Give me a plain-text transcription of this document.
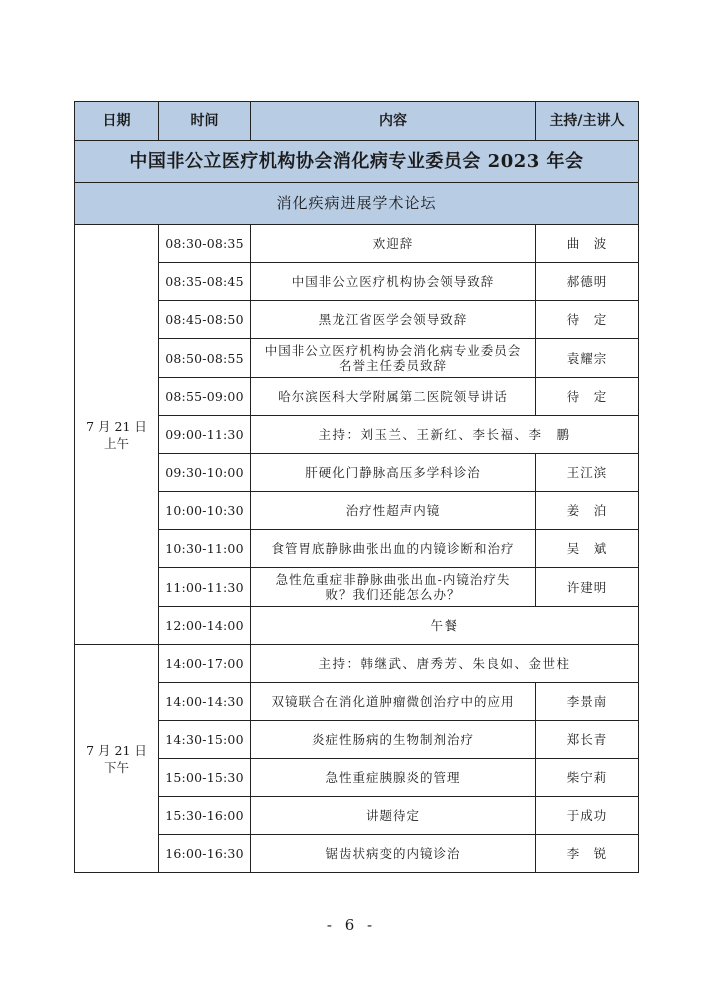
日期	时间	内容	主持/主讲人
中国非公立医疗机构协会消化病专业委员会 2023 年会			
消化疾病进展学术论坛			

7 月 21 日
上午	08:30-08:35	欢迎辞	曲　波
	08:35-08:45	中国非公立医疗机构协会领导致辞	郝德明
	08:45-08:50	黑龙江省医学会领导致辞	待　定
	08:50-08:55	中国非公立医疗机构协会消化病专业委员会
名誉主任委员致辞	袁耀宗
	08:55-09:00	哈尔滨医科大学附属第二医院领导讲话	待　定
	09:00-11:30	主持：刘玉兰、王新红、李长福、李　鹏	
	09:30-10:00	肝硬化门静脉高压多学科诊治	王江滨
	10:00-10:30	治疗性超声内镜	姜　泊
	10:30-11:00	食管胃底静脉曲张出血的内镜诊断和治疗	吴　斌
	11:00-11:30	急性危重症非静脉曲张出血-内镜治疗失
败？我们还能怎么办？	许建明
	12:00-14:00	午餐	

7 月 21 日
下午	14:00-17:00	主持：韩继武、唐秀芳、朱良如、金世柱	
	14:00-14:30	双镜联合在消化道肿瘤微创治疗中的应用	李景南
	14:30-15:00	炎症性肠病的生物制剂治疗	郑长青
	15:00-15:30	急性重症胰腺炎的管理	柴宁莉
	15:30-16:00	讲题待定	于成功
	16:00-16:30	锯齿状病变的内镜诊治	李　锐
- 6 -
